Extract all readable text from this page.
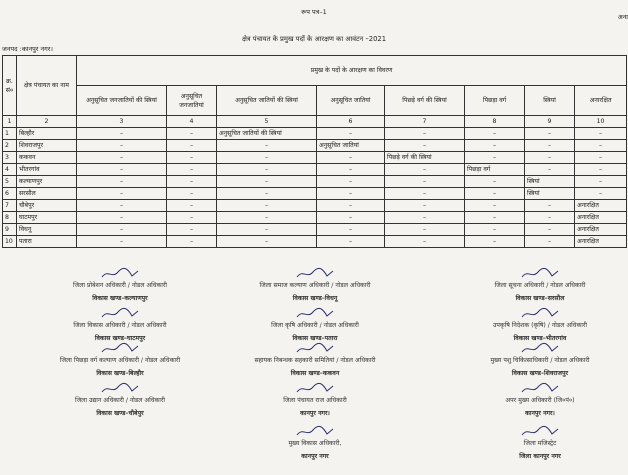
रूप पत्र–1
क्षेत्र पंचायत के प्रमुख पदों के आरक्षण का आवंटन –2021
अना
जनपद :कानपुर नगर।
क्र. सं०	क्षेत्र पंचायत का नाम	प्रमुख के पदों के आरक्षण का विवरण							
		अनुसूचित जनजातियों की स्त्रियां	अनुसूचित जनजातियां	अनुसूचित जातियों की स्त्रियां	अनुसूचित जातियां	पिछड़े वर्ग की स्त्रियां	पिछड़ा वर्ग	स्त्रियां	अनारक्षित
1	2	3	4	5	6	7	8	9	10
1	बिल्हौर	–	–	अनुसूचित जातियों की स्त्रियां	–	–	–	–	–
2	शिवराजपुर	–	–	–	अनुसूचित जातियां	–	–	–	–
3	ककवन	–	–	–	–	पिछड़े वर्ग की स्त्रियां	–	–	–
4	भीतरगांव	–	–	–	–	–	पिछड़ा वर्ग	–	–
5	कल्याणपुर	–	–	–	–	–	–	स्त्रियां	–
6	सरसौल	–	–	–	–	–	–	स्त्रियां	–
7	चौबेपुर	–	–	–	–	–	–	–	अनारक्षित
8	घाटमपुर	–	–	–	–	–	–	–	अनारक्षित
9	विधनू	–	–	–	–	–	–	–	अनारक्षित
10	पतारा	–	–	–	–	–	–	–	अनारक्षित
जिला प्रोबेशन अधिकारी / नोडल अधिकारी
विकास खण्ड–कल्याणपुर
जिला समाज कल्याण अधिकारी / नोडल अधिकारी
विकास खण्ड–विधनू
जिला सूचना अधिकारी / नोडल अधिकारी
विकास खण्ड–सरसौल
जिला विकास अधिकारी / नोडल अधिकारी
विकास खण्ड–घाटमपुर
जिला कृषि अधिकारी / नोडल अधिकारी
विकास खण्ड–पतारा
उपकृषि निदेशक (कृषि) / नोडल अधिकारी
विकास खण्ड–भीतरगांव
जिला पिछड़ा वर्ग कल्याण अधिकारी / नोडल अधिकारी
विकास खण्ड–बिल्हौर
सहायक निबन्धक सहकारी समितियां / नोडल अधिकारी
विकास खण्ड–ककवन
मुख्य पशु चिकित्साधिकारी / नोडल अधिकारी
विकास खण्ड–शिवराजपुर
जिला उद्यान अधिकारी / नोडल अधिकारी
विकास खण्ड–चौबेपुर
जिला पंचायत राज अधिकारी
कानपुर नगर।
अपर मुख्य अधिकारी (जि०पं०)
कानपुर नगर।
मुख्य विकास अधिकारी,
कानपुर नगर
जिला मजिस्ट्रेट
जिला कानपुर नगर
